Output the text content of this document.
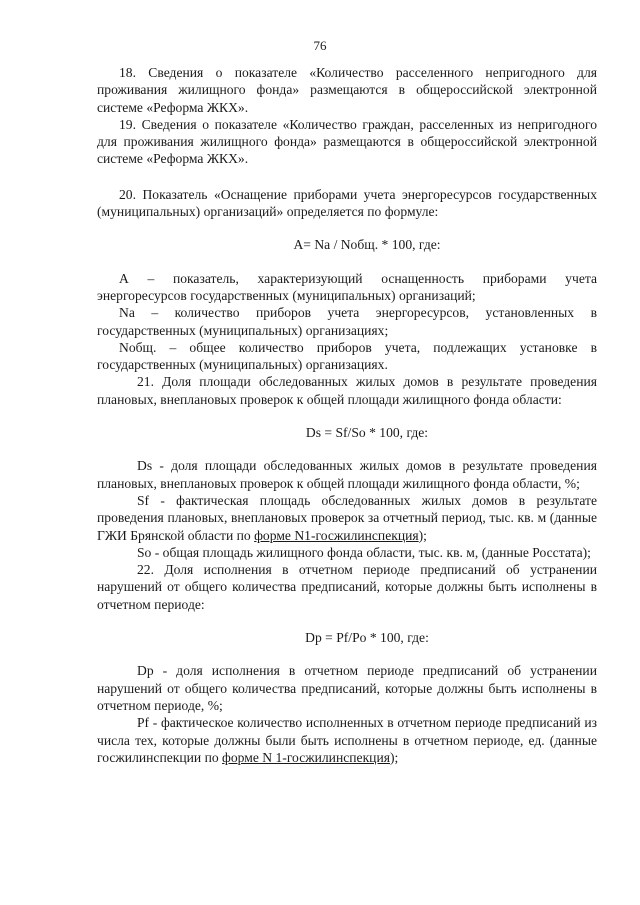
76

18. Сведения о показателе «Количество расселенного непригодного для проживания жилищного фонда» размещаются в общероссийской электронной системе «Реформа ЖКХ».

19. Сведения о показателе «Количество граждан, расселенных из непригодного для проживания жилищного фонда» размещаются в общероссийской электронной системе «Реформа ЖКХ».

20. Показатель «Оснащение приборами учета энергоресурсов государственных (муниципальных) организаций» определяется по формуле:

A= Na / Nобщ. * 100, где:

А – показатель, характеризующий оснащенность приборами учета энергоресурсов государственных (муниципальных) организаций;

Na – количество приборов учета энергоресурсов, установленных в государственных (муниципальных) организациях;

Nобщ. – общее количество приборов учета, подлежащих установке в государственных (муниципальных) организациях.

21. Доля площади обследованных жилых домов в результате проведения плановых, внеплановых проверок к общей площади жилищного фонда области:

Ds = Sf/So * 100, где:

Ds - доля площади обследованных жилых домов в результате проведения плановых, внеплановых проверок к общей площади жилищного фонда области, %;

Sf - фактическая площадь обследованных жилых домов в результате проведения плановых, внеплановых проверок за отчетный период, тыс. кв. м (данные ГЖИ Брянской области по форме N1-госжилинспекция);

So - общая площадь жилищного фонда области, тыс. кв. м, (данные Росстата);

22. Доля исполнения в отчетном периоде предписаний об устранении нарушений от общего количества предписаний, которые должны быть исполнены в отчетном периоде:

Dp = Pf/Po * 100, где:

Dp - доля исполнения в отчетном периоде предписаний об устранении нарушений от общего количества предписаний, которые должны быть исполнены в отчетном периоде, %;

Pf - фактическое количество исполненных в отчетном периоде предписаний из числа тех, которые должны были быть исполнены в отчетном периоде, ед. (данные госжилинспекции по форме N 1-госжилинспекция);
